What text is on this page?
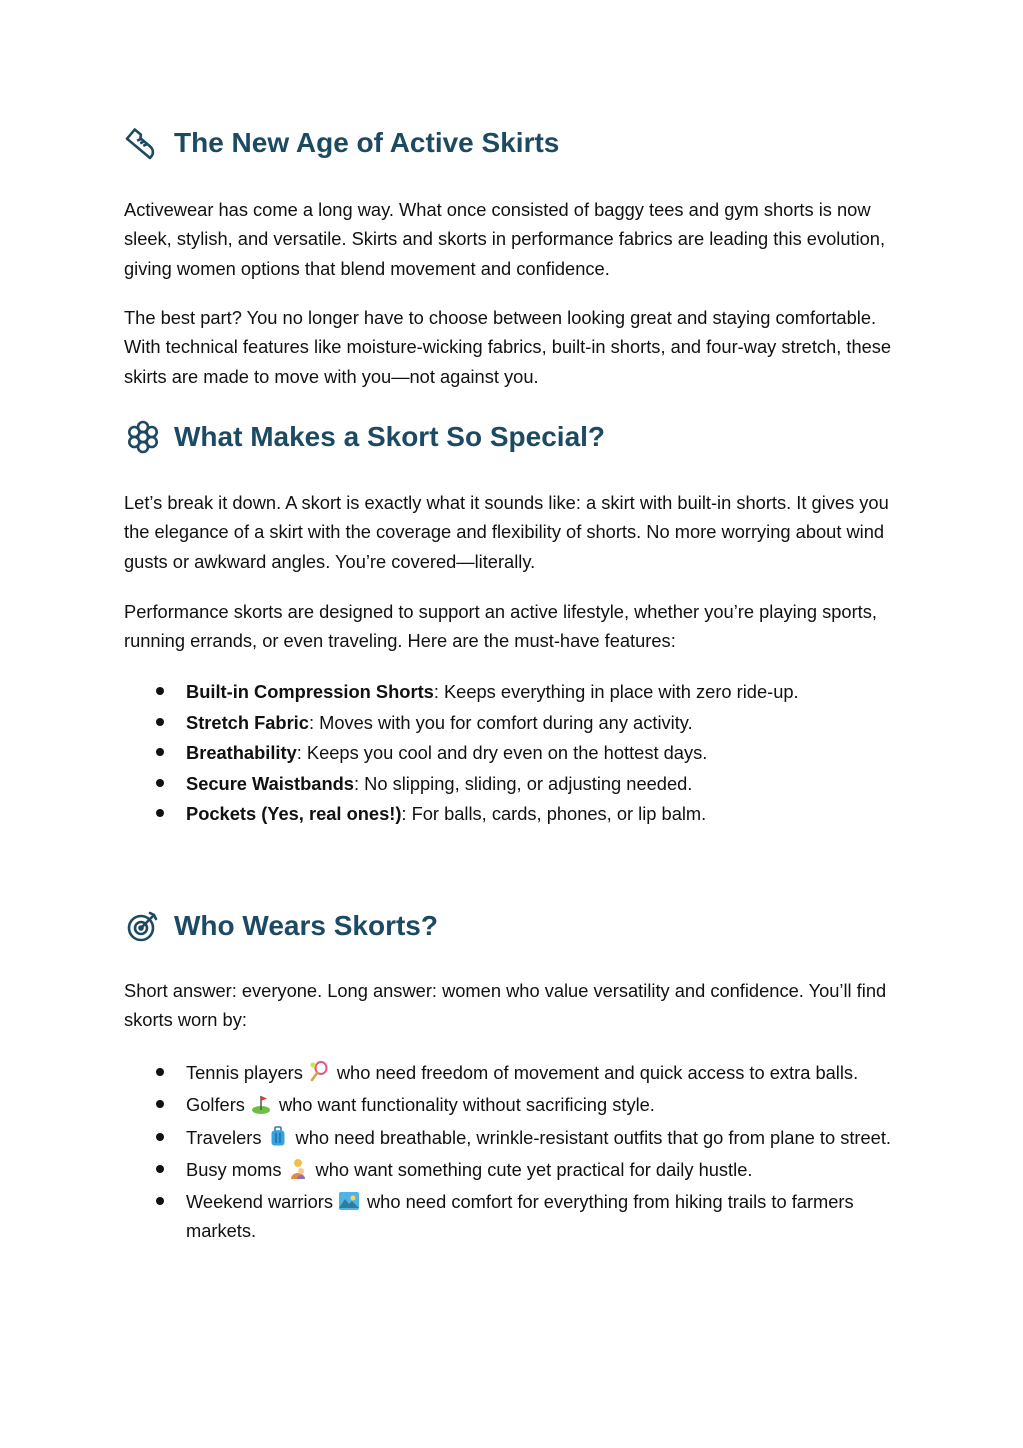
The New Age of Active Skirts

Activewear has come a long way. What once consisted of baggy tees and gym shorts is now sleek, stylish, and versatile. Skirts and skorts in performance fabrics are leading this evolution, giving women options that blend movement and confidence.

The best part? You no longer have to choose between looking great and staying comfortable. With technical features like moisture-wicking fabrics, built-in shorts, and four-way stretch, these skirts are made to move with you—not against you.

What Makes a Skort So Special?

Let’s break it down. A skort is exactly what it sounds like: a skirt with built-in shorts. It gives you the elegance of a skirt with the coverage and flexibility of shorts. No more worrying about wind gusts or awkward angles. You’re covered—literally.

Performance skorts are designed to support an active lifestyle, whether you’re playing sports, running errands, or even traveling. Here are the must-have features:

Built-in Compression Shorts: Keeps everything in place with zero ride-up.
Stretch Fabric: Moves with you for comfort during any activity.
Breathability: Keeps you cool and dry even on the hottest days.
Secure Waistbands: No slipping, sliding, or adjusting needed.
Pockets (Yes, real ones!): For balls, cards, phones, or lip balm.
Who Wears Skorts?

Short answer: everyone. Long answer: women who value versatility and confidence. You’ll find skorts worn by:

Tennis players who need freedom of movement and quick access to extra balls.
Golfers who want functionality without sacrificing style.
Travelers who need breathable, wrinkle-resistant outfits that go from plane to street.
Busy moms who want something cute yet practical for daily hustle.
Weekend warriors who need comfort for everything from hiking trails to farmers markets.
